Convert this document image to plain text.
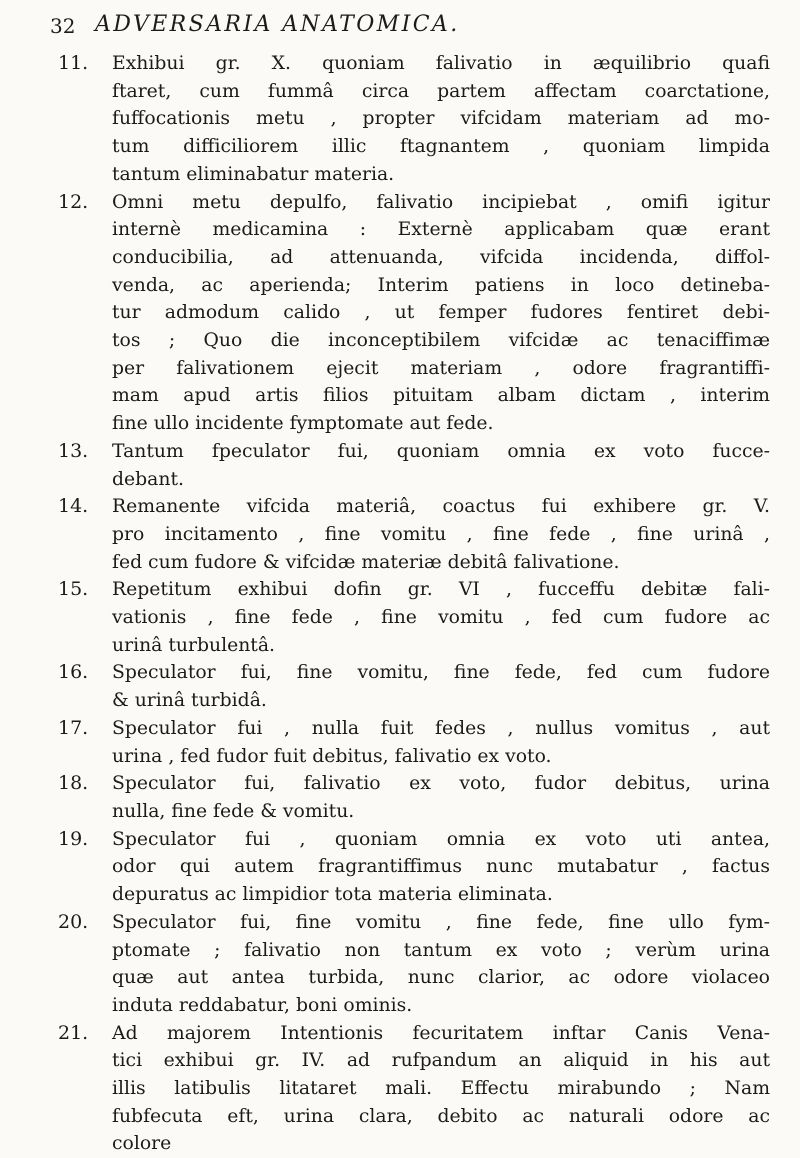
32 ADVERSARIA ANATOMICA.
11.	Exhibui gr. X. quoniam falivatio in æquilibrio quafi
ftaret, cum fummâ circa partem affectam coarctatione,
fuffocationis metu , propter vifcidam materiam ad mo-
tum difficiliorem illic ftagnantem , quoniam limpida
tantum eliminabatur materia.
12.	Omni metu depulfo, falivatio incipiebat , omifi igitur
internè medicamina : Externè applicabam quæ erant
conducibilia, ad attenuanda, vifcida incidenda, diffol-
venda, ac aperienda; Interim patiens in loco detineba-
tur admodum calido , ut femper fudores fentiret debi-
tos ; Quo die inconceptibilem vifcidæ ac tenaciffimæ
per falivationem ejecit materiam , odore fragrantiffi-
mam apud artis filios pituitam albam dictam , interim
fine ullo incidente fymptomate aut fede.
13.	Tantum fpeculator fui, quoniam omnia ex voto fucce-
debant.
14.	Remanente vifcida materiâ, coactus fui exhibere gr. V.
pro incitamento , fine vomitu , fine fede , fine urinâ ,
fed cum fudore & vifcidæ materiæ debitâ falivatione.
15.	Repetitum exhibui dofin gr. VI , fucceffu debitæ fali-
vationis , fine fede , fine vomitu , fed cum fudore ac
urinâ turbulentâ.
16.	Speculator fui, fine vomitu, fine fede, fed cum fudore
& urinâ turbidâ.
17.	Speculator fui , nulla fuit fedes , nullus vomitus , aut
urina , fed fudor fuit debitus, falivatio ex voto.
18.	Speculator fui, falivatio ex voto, fudor debitus, urina
nulla, fine fede & vomitu.
19.	Speculator fui , quoniam omnia ex voto uti antea,
odor qui autem fragrantiffimus nunc mutabatur , factus
depuratus ac limpidior tota materia eliminata.
20.	Speculator fui, fine vomitu , fine fede, fine ullo fym-
ptomate ; falivatio non tantum ex voto ; verùm urina
quæ aut antea turbida, nunc clarior, ac odore violaceo
induta reddabatur, boni ominis.
21.	Ad majorem Intentionis fecuritatem inftar Canis Vena-
tici exhibui gr. IV. ad rufpandum an aliquid in his aut
illis latibulis litataret mali. Effectu mirabundo ; Nam
fubfecuta eft, urina clara, debito ac naturali odore ac
colore
